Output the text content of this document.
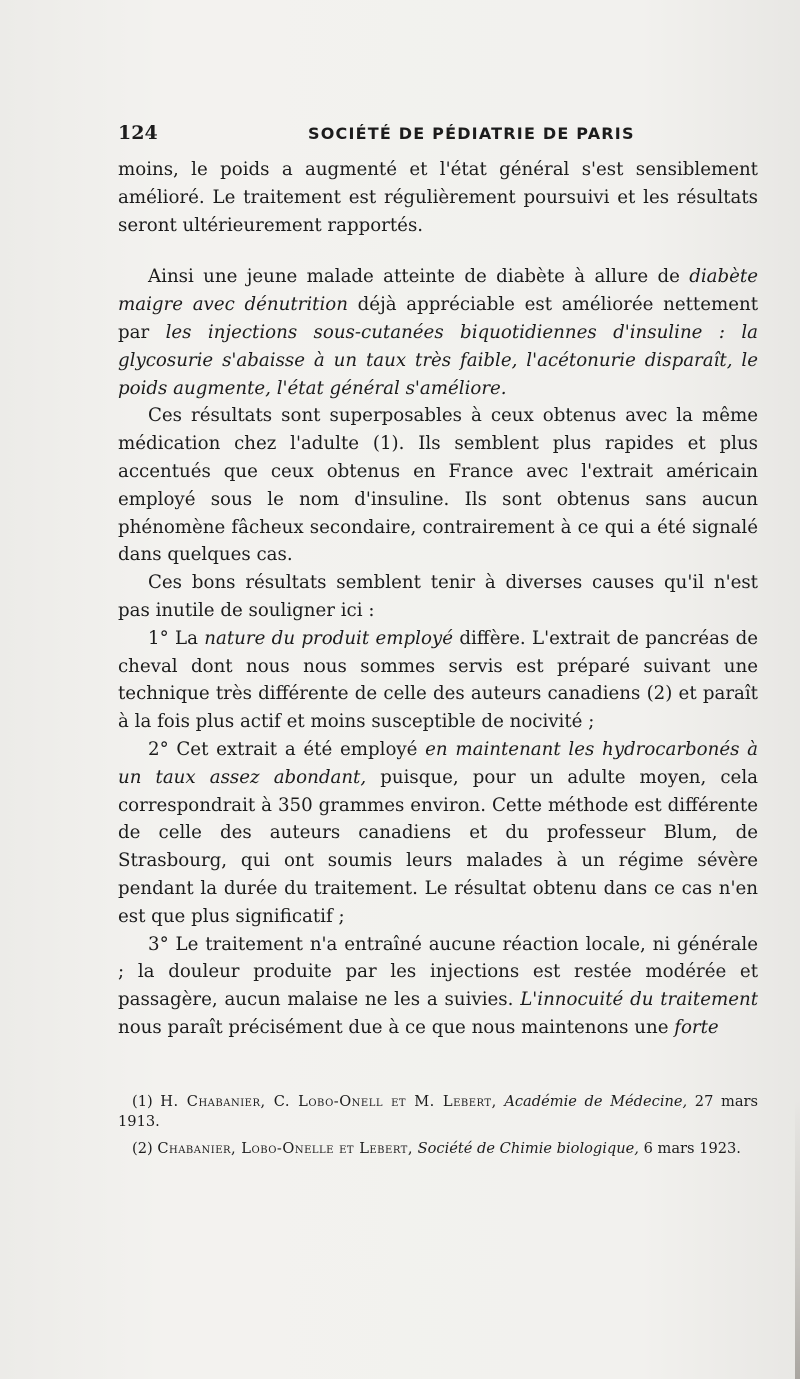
124	SOCIÉTÉ DE PÉDIATRIE DE PARIS

moins, le poids a augmenté et l'état général s'est sensiblement amélioré. Le traitement est régulièrement poursuivi et les résultats seront ultérieurement rapportés.

Ainsi une jeune malade atteinte de diabète à allure de diabète maigre avec dénutrition déjà appréciable est améliorée nettement par les injections sous-cutanées biquotidiennes d'insuline : la glycosurie s'abaisse à un taux très faible, l'acétonurie disparaît, le poids augmente, l'état général s'améliore.

Ces résultats sont superposables à ceux obtenus avec la même médication chez l'adulte (1). Ils semblent plus rapides et plus accentués que ceux obtenus en France avec l'extrait américain employé sous le nom d'insuline. Ils sont obtenus sans aucun phénomène fâcheux secondaire, contrairement à ce qui a été signalé dans quelques cas.

Ces bons résultats semblent tenir à diverses causes qu'il n'est pas inutile de souligner ici :

1° La nature du produit employé diffère. L'extrait de pancréas de cheval dont nous nous sommes servis est préparé suivant une technique très différente de celle des auteurs canadiens (2) et paraît à la fois plus actif et moins susceptible de nocivité ;

2° Cet extrait a été employé en maintenant les hydrocarbonés à un taux assez abondant, puisque, pour un adulte moyen, cela correspondrait à 350 grammes environ. Cette méthode est différente de celle des auteurs canadiens et du professeur Blum, de Strasbourg, qui ont soumis leurs malades à un régime sévère pendant la durée du traitement. Le résultat obtenu dans ce cas n'en est que plus significatif ;

3° Le traitement n'a entraîné aucune réaction locale, ni générale ; la douleur produite par les injections est restée modérée et passagère, aucun malaise ne les a suivies. L'innocuité du traitement nous paraît précisément due à ce que nous maintenons une forte

(1) H. Chabanier, C. Lobo-Onell et M. Lebert, Académie de Médecine, 27 mars 1913.

(2) Chabanier, Lobo-Onelle et Lebert, Société de Chimie biologique, 6 mars 1923.
